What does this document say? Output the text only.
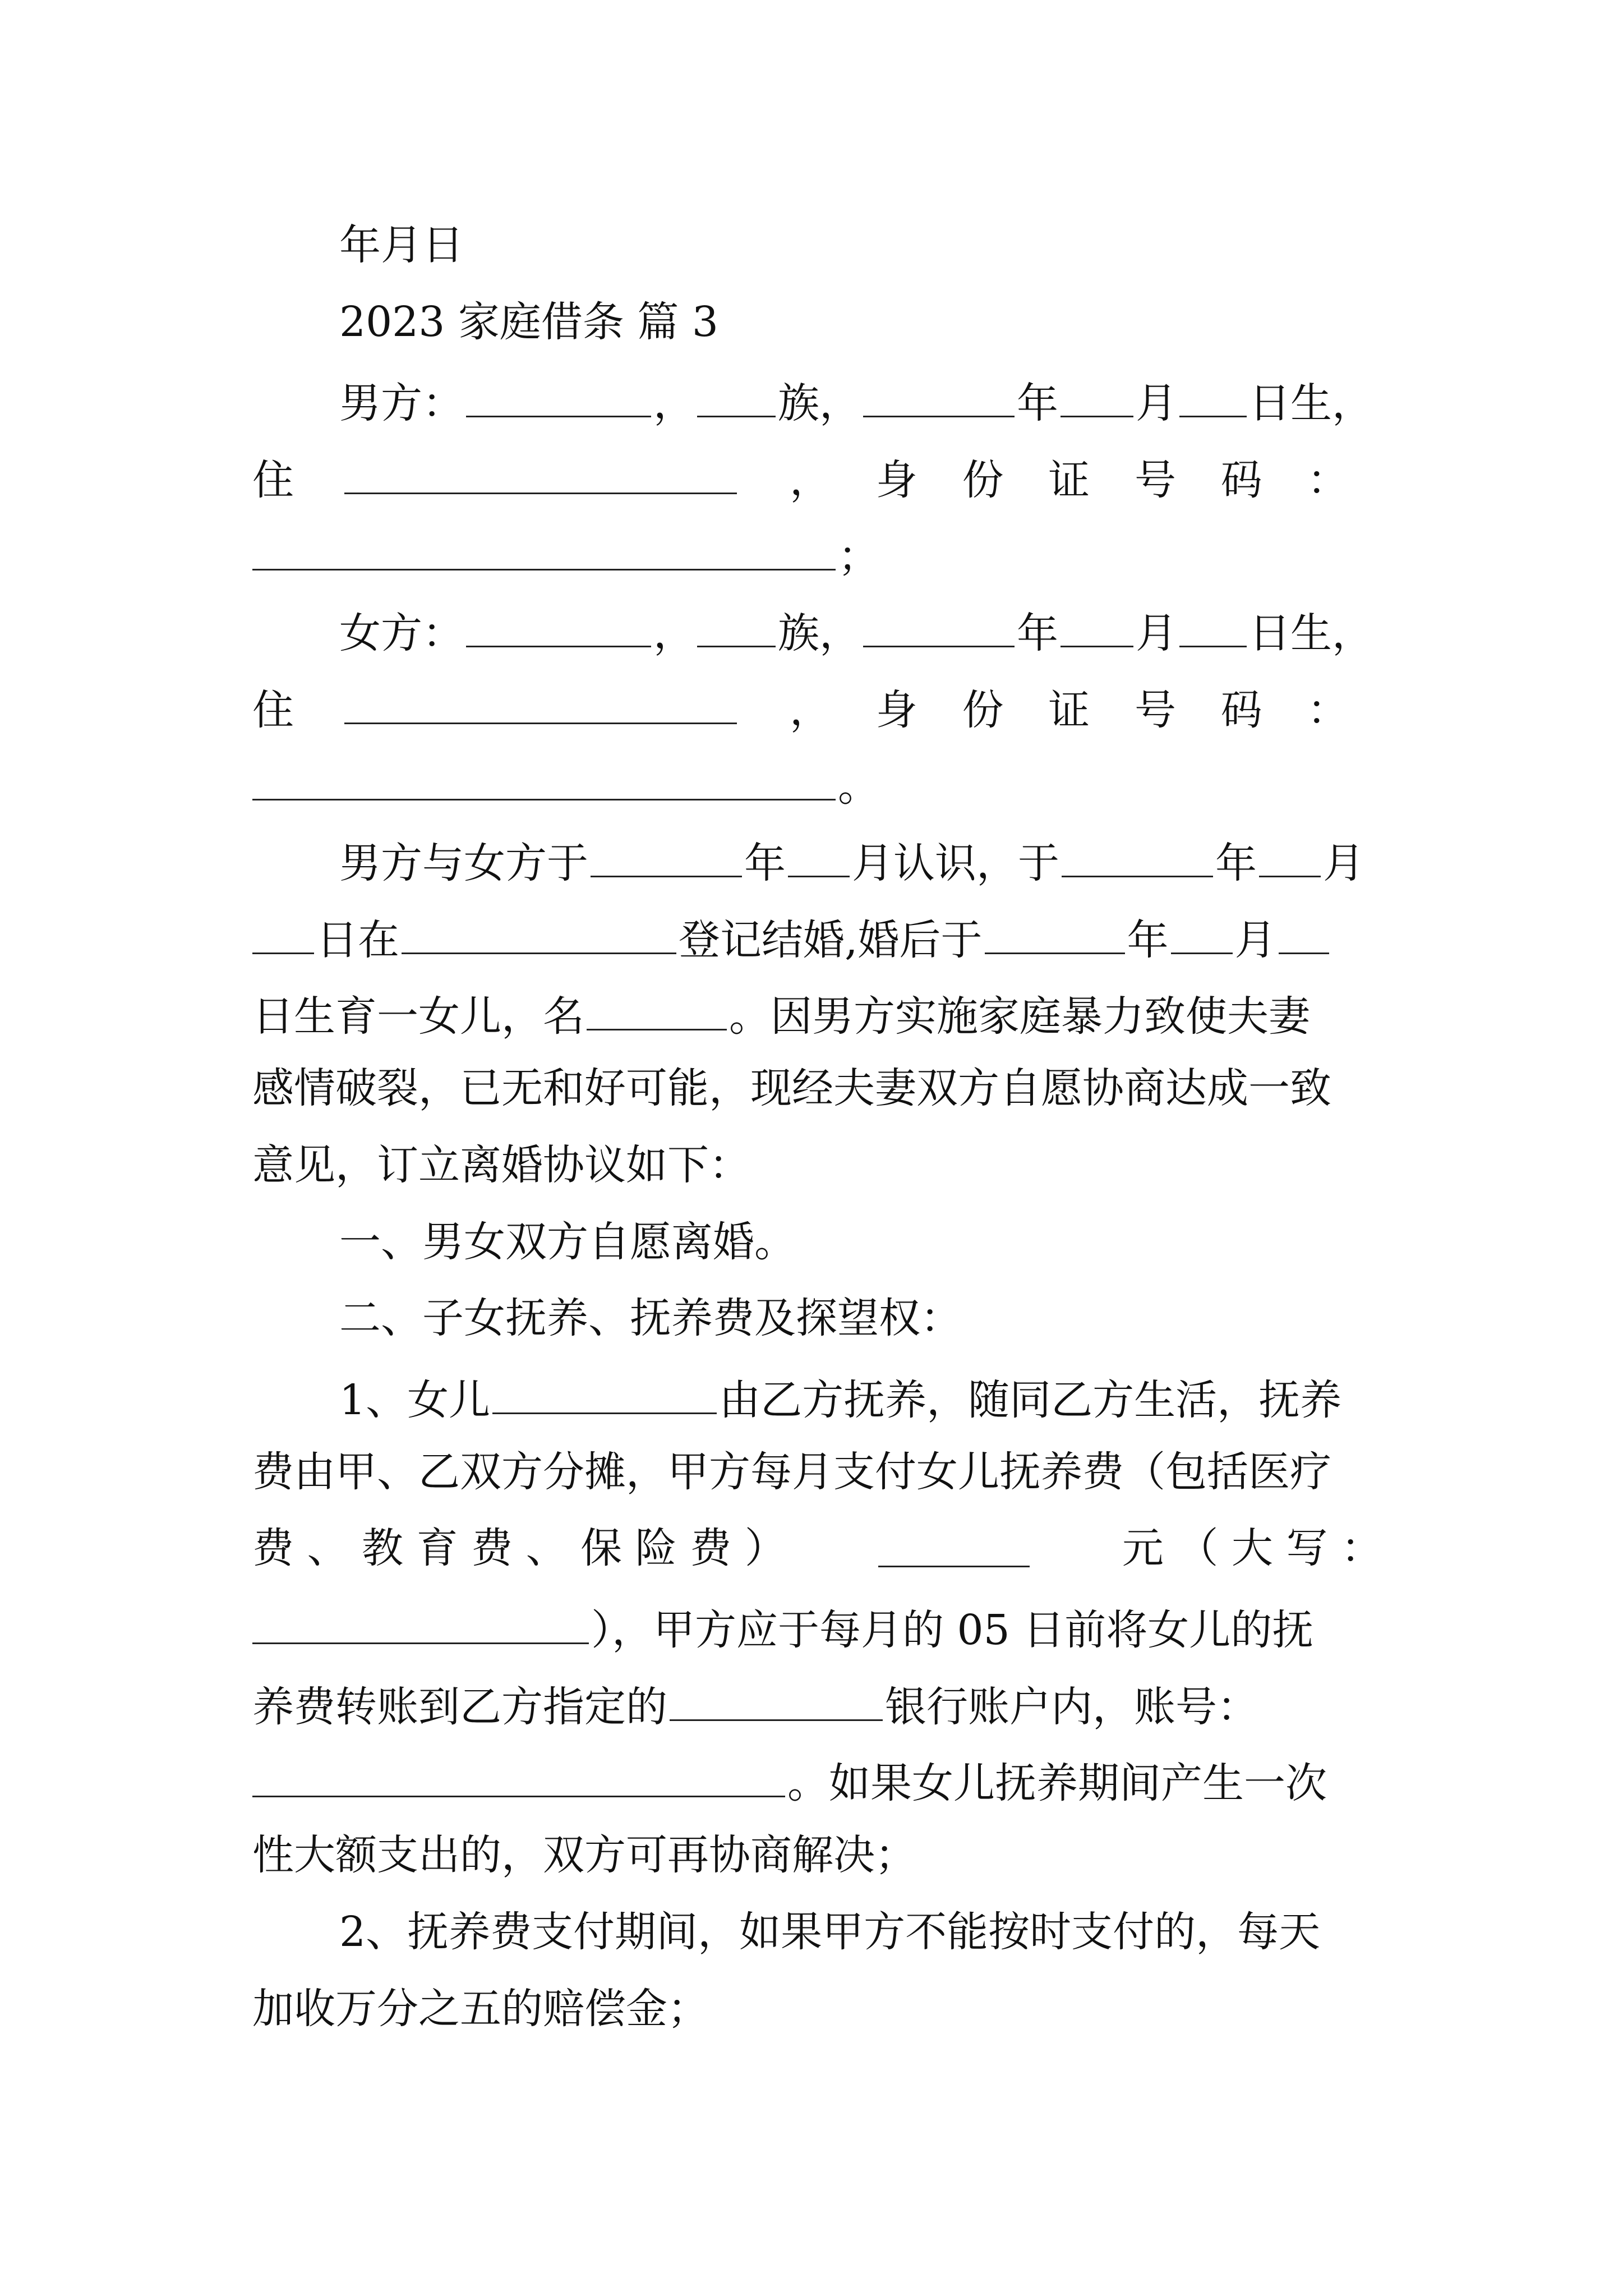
年月日
2023 家庭借条 篇 3
男方：	， 族，	年 月 日生，
住	， 身 份 证 号 码 ：
；
女方：	， 族，	年 月 日生，
住	， 身 份 证 号 码 ：
。
男方与女方于	年 月认识，于	年 月
日在	登记结婚,婚后于	年 月
日生育一女儿，名	。因男方实施家庭暴力致使夫妻
感情破裂，已无和好可能，现经夫妻双方自愿协商达成一致
意见，订立离婚协议如下：
一、男女双方自愿离婚。
二、子女抚养、抚养费及探望权：
1、女儿	由乙方抚养，随同乙方生活，抚养
费由甲、乙双方分摊，甲方每月支付女儿抚养费（包括医疗
费 、 教 育 费 、 保 险 费 ）	元 （ 大 写 ：
），甲方应于每月的 05 日前将女儿的抚
养费转账到乙方指定的	银行账户内，账号：
。如果女儿抚养期间产生一次
性大额支出的，双方可再协商解决；
2、抚养费支付期间，如果甲方不能按时支付的，每天
加收万分之五的赔偿金；
